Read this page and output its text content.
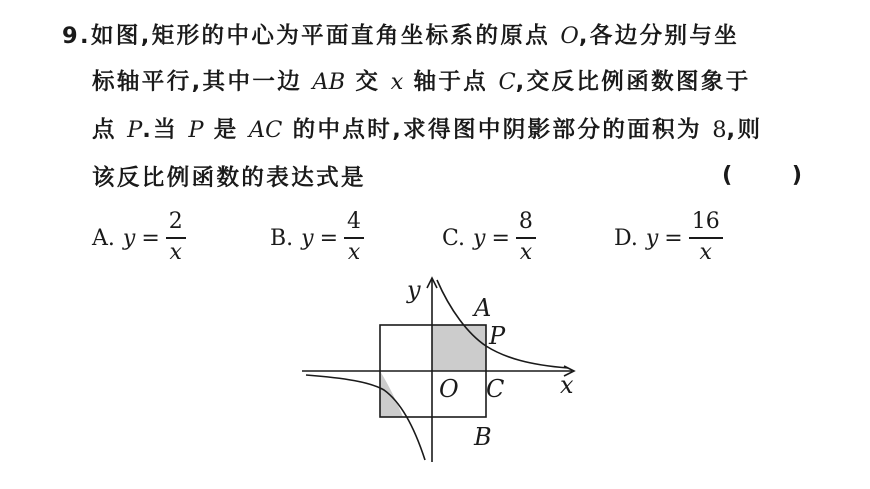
9.如图,矩形的中心为平面直角坐标系的原点 O,各边分别与坐
标轴平行,其中一边 AB 交 x 轴于点 C,交反比例函数图象于
点 P.当 P 是 AC 的中点时,求得图中阴影部分的面积为 8,则
该反比例函数的表达式是	(	)
A. $y = \frac{2}{x}$	B. $y = \frac{4}{x}$	C. $y = \frac{8}{x}$	D. $y = \frac{16}{x}$
y
A
P
O C x
B
